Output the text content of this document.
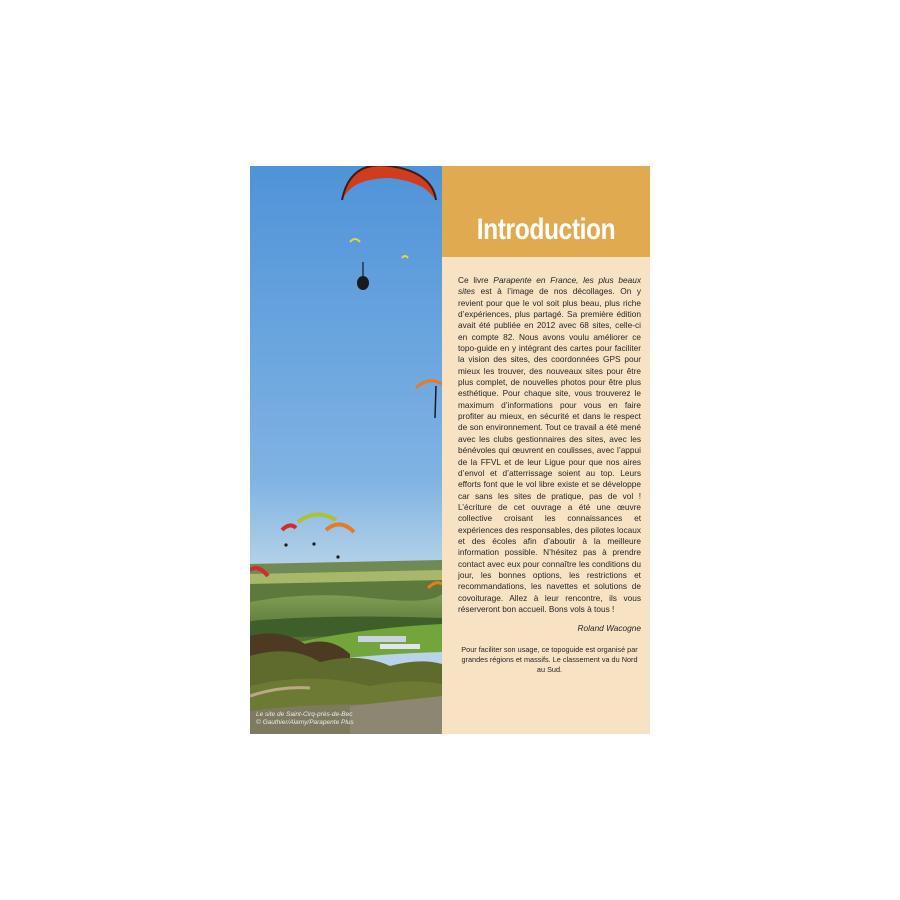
Le site de Saint-Cirq-près-de-Bec
© Gauthier/Alamy/Parapente Plus
Introduction

Ce livre Parapente en France, les plus beaux sites est à l’image de nos décollages. On y revient pour que le vol soit plus beau, plus riche d’expériences, plus partagé. Sa première édition avait été publiée en 2012 avec 68 sites, celle-ci en compte 82. Nous avons voulu améliorer ce topo-guide en y intégrant des cartes pour faciliter la vision des sites, des coordonnées GPS pour mieux les trouver, des nouveaux sites pour être plus complet, de nouvelles photos pour être plus esthétique. Pour chaque site, vous trouverez le maximum d’informations pour vous en faire profiter au mieux, en sécurité et dans le respect de son environnement. Tout ce travail a été mené avec les clubs gestionnaires des sites, avec les bénévoles qui œuvrent en coulisses, avec l’appui de la FFVL et de leur Ligue pour que nos aires d’envol et d’atterrissage soient au top. Leurs efforts font que le vol libre existe et se développe car sans les sites de pratique, pas de vol ! L’écriture de cet ouvrage a été une œuvre collective croisant les connaissances et expériences des responsables, des pilotes locaux et des écoles afin d’aboutir à la meilleure information possible. N’hésitez pas à prendre contact avec eux pour connaître les conditions du jour, les bonnes options, les restrictions et recommandations, les navettes et solutions de covoiturage. Allez à leur rencontre, ils vous réserveront bon accueil. Bons vols à tous !

Roland Wacogne

Pour faciliter son usage, ce topoguide est organisé par grandes régions et massifs. Le classement va du Nord au Sud.
